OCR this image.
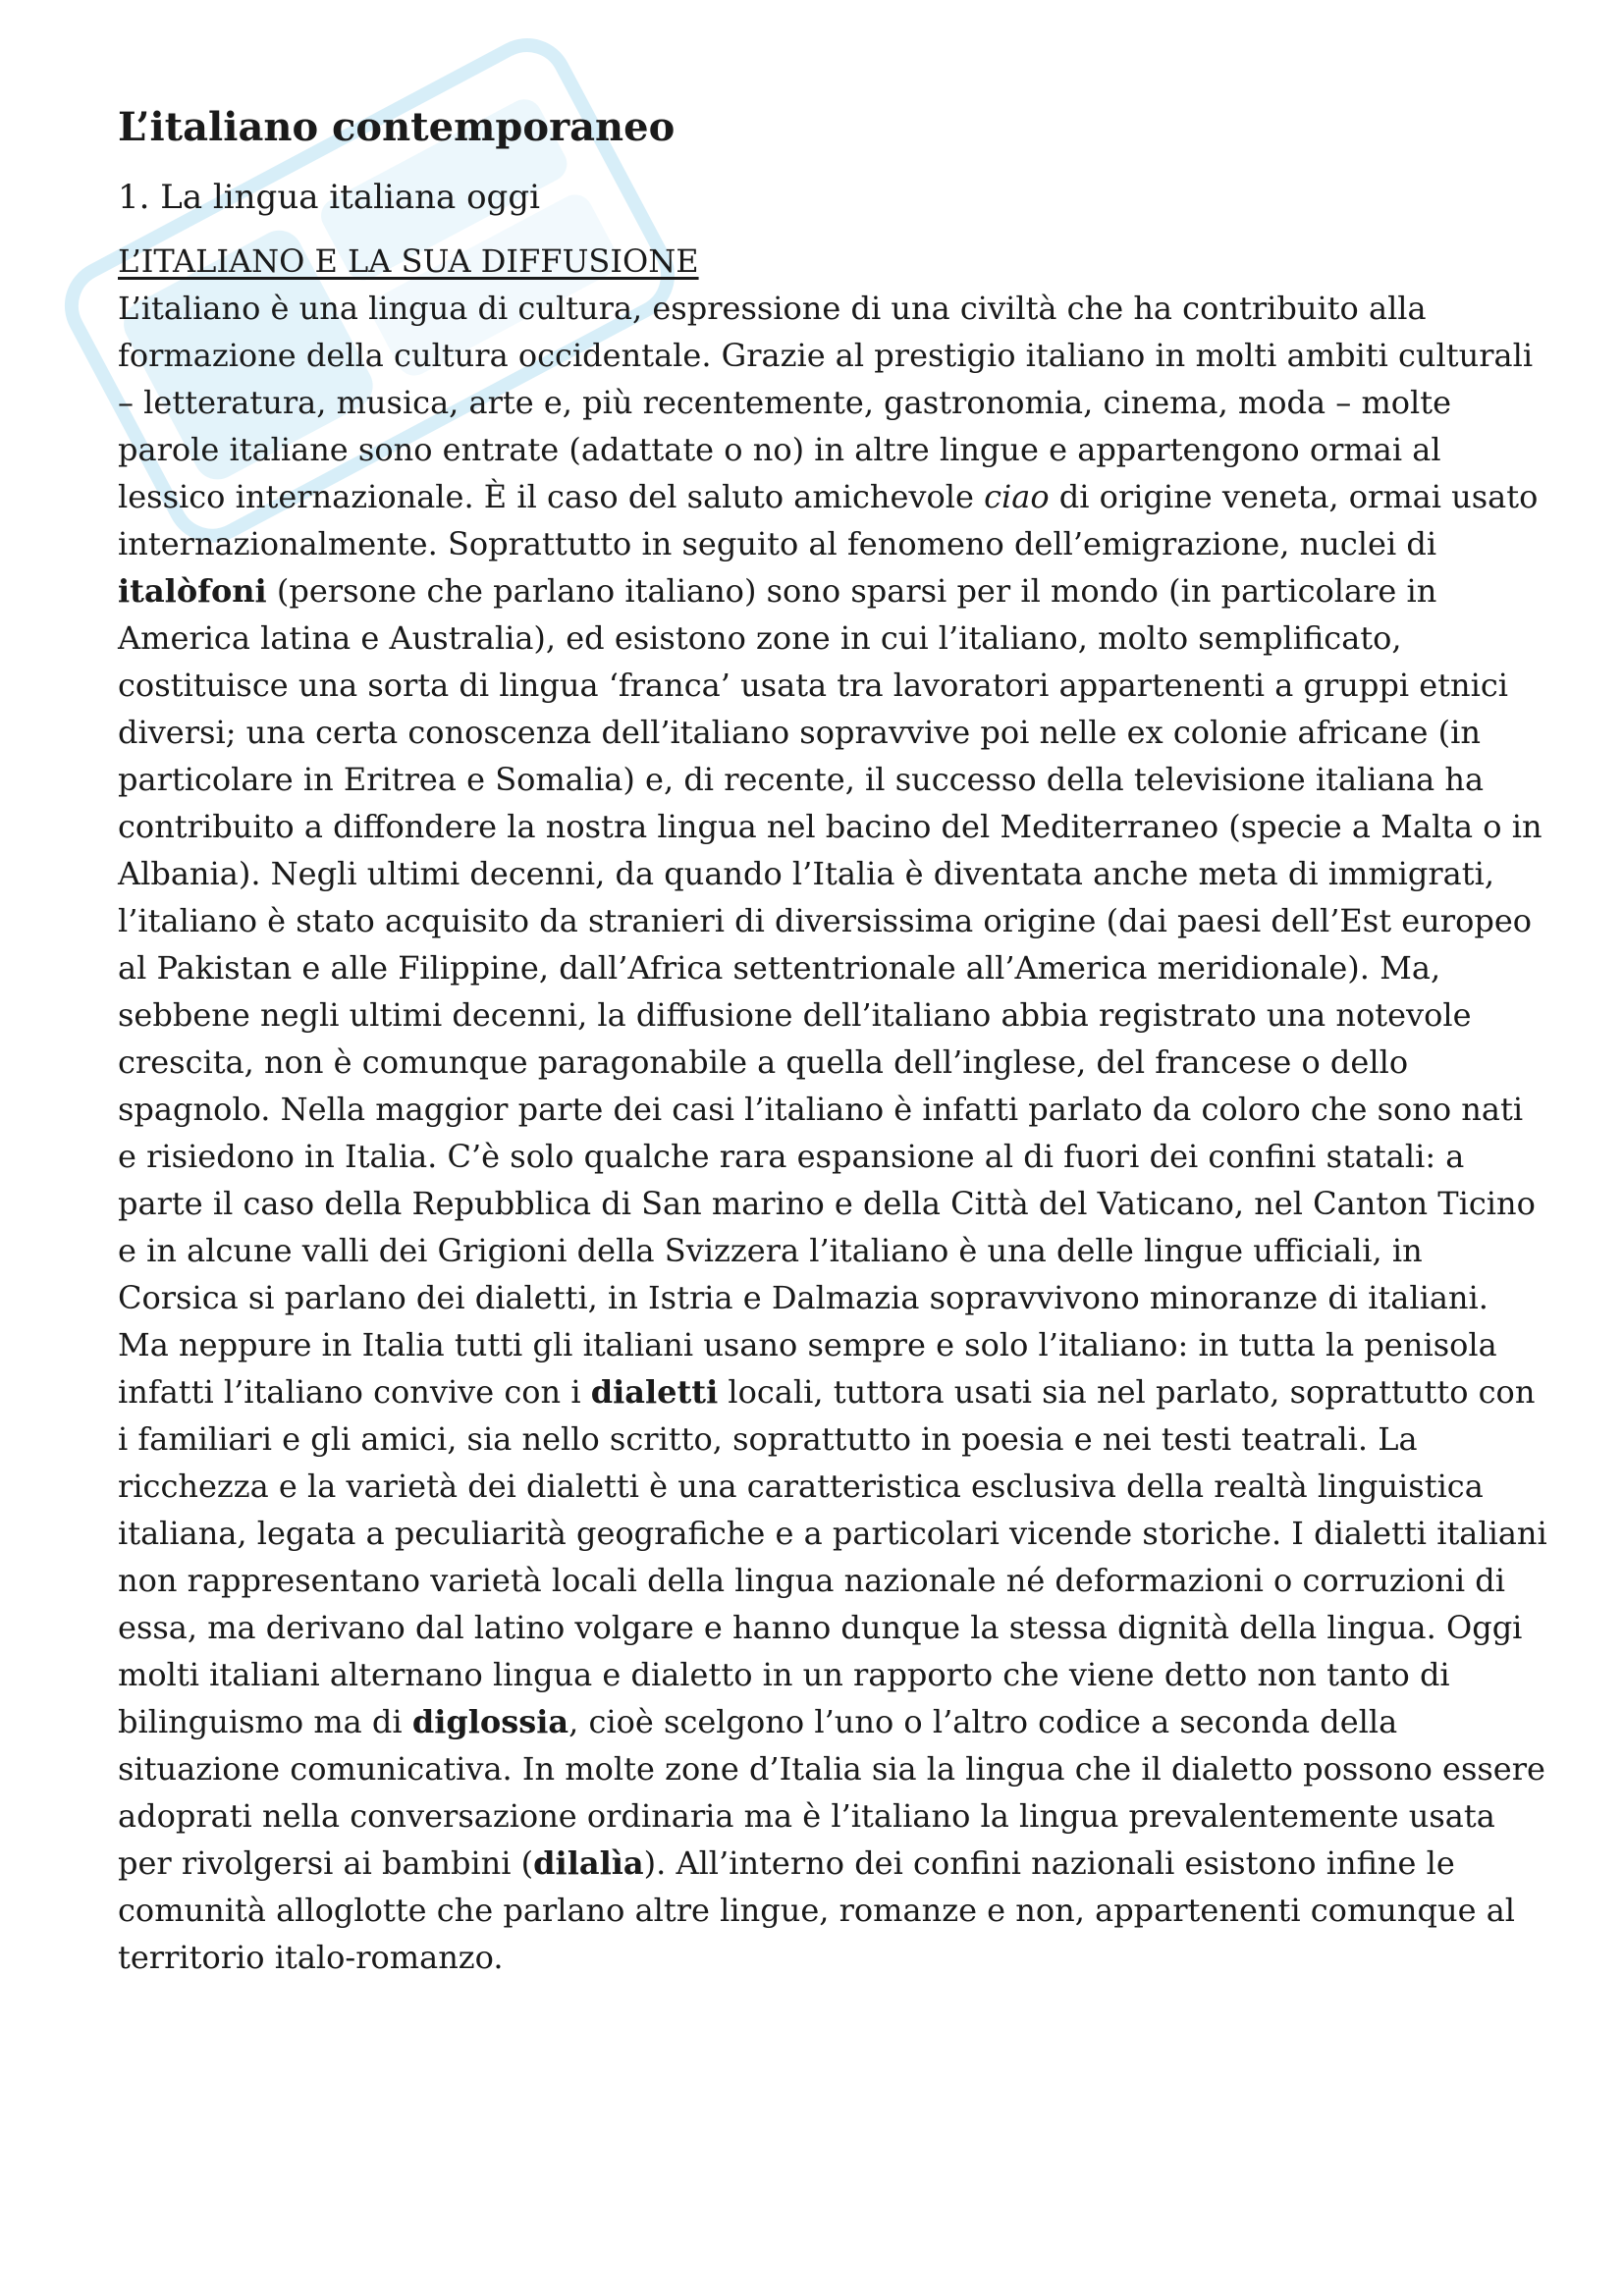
L’italiano contemporaneo
1. La lingua italiana oggi
L’ITALIANO E LA SUA DIFFUSIONE

L’italiano è una lingua di cultura, espressione di una civiltà che ha contribuito alla formazione della cultura occidentale. Grazie al prestigio italiano in molti ambiti culturali – letteratura, musica, arte e, più recentemente, gastronomia, cinema, moda – molte parole italiane sono entrate (adattate o no) in altre lingue e appartengono ormai al lessico internazionale. È il caso del saluto amichevole ciao di origine veneta, ormai usato internazionalmente. Soprattutto in seguito al fenomeno dell’emigrazione, nuclei di italòfoni (persone che parlano italiano) sono sparsi per il mondo (in particolare in America latina e Australia), ed esistono zone in cui l’italiano, molto semplificato, costituisce una sorta di lingua ‘franca’ usata tra lavoratori appartenenti a gruppi etnici diversi; una certa conoscenza dell’italiano sopravvive poi nelle ex colonie africane (in particolare in Eritrea e Somalia) e, di recente, il successo della televisione italiana ha contribuito a diffondere la nostra lingua nel bacino del Mediterraneo (specie a Malta o in Albania). Negli ultimi decenni, da quando l’Italia è diventata anche meta di immigrati, l’italiano è stato acquisito da stranieri di diversissima origine (dai paesi dell’Est europeo al Pakistan e alle Filippine, dall’Africa settentrionale all’America meridionale). Ma, sebbene negli ultimi decenni, la diffusione dell’italiano abbia registrato una notevole crescita, non è comunque paragonabile a quella dell’inglese, del francese o dello spagnolo. Nella maggior parte dei casi l’italiano è infatti parlato da coloro che sono nati e risiedono in Italia. C’è solo qualche rara espansione al di fuori dei confini statali: a parte il caso della Repubblica di San marino e della Città del Vaticano, nel Canton Ticino e in alcune valli dei Grigioni della Svizzera l’italiano è una delle lingue ufficiali, in Corsica si parlano dei dialetti, in Istria e Dalmazia sopravvivono minoranze di italiani.

Ma neppure in Italia tutti gli italiani usano sempre e solo l’italiano: in tutta la penisola infatti l’italiano convive con i dialetti locali, tuttora usati sia nel parlato, soprattutto con i familiari e gli amici, sia nello scritto, soprattutto in poesia e nei testi teatrali. La ricchezza e la varietà dei dialetti è una caratteristica esclusiva della realtà linguistica italiana, legata a peculiarità geografiche e a particolari vicende storiche. I dialetti italiani non rappresentano varietà locali della lingua nazionale né deformazioni o corruzioni di essa, ma derivano dal latino volgare e hanno dunque la stessa dignità della lingua. Oggi molti italiani alternano lingua e dialetto in un rapporto che viene detto non tanto di bilinguismo ma di diglossia, cioè scelgono l’uno o l’altro codice a seconda della situazione comunicativa. In molte zone d’Italia sia la lingua che il dialetto possono essere adoprati nella conversazione ordinaria ma è l’italiano la lingua prevalentemente usata per rivolgersi ai bambini (dilalìa). All’interno dei confini nazionali esistono infine le comunità alloglotte che parlano altre lingue, romanze e non, appartenenti comunque al territorio italo-romanzo.
